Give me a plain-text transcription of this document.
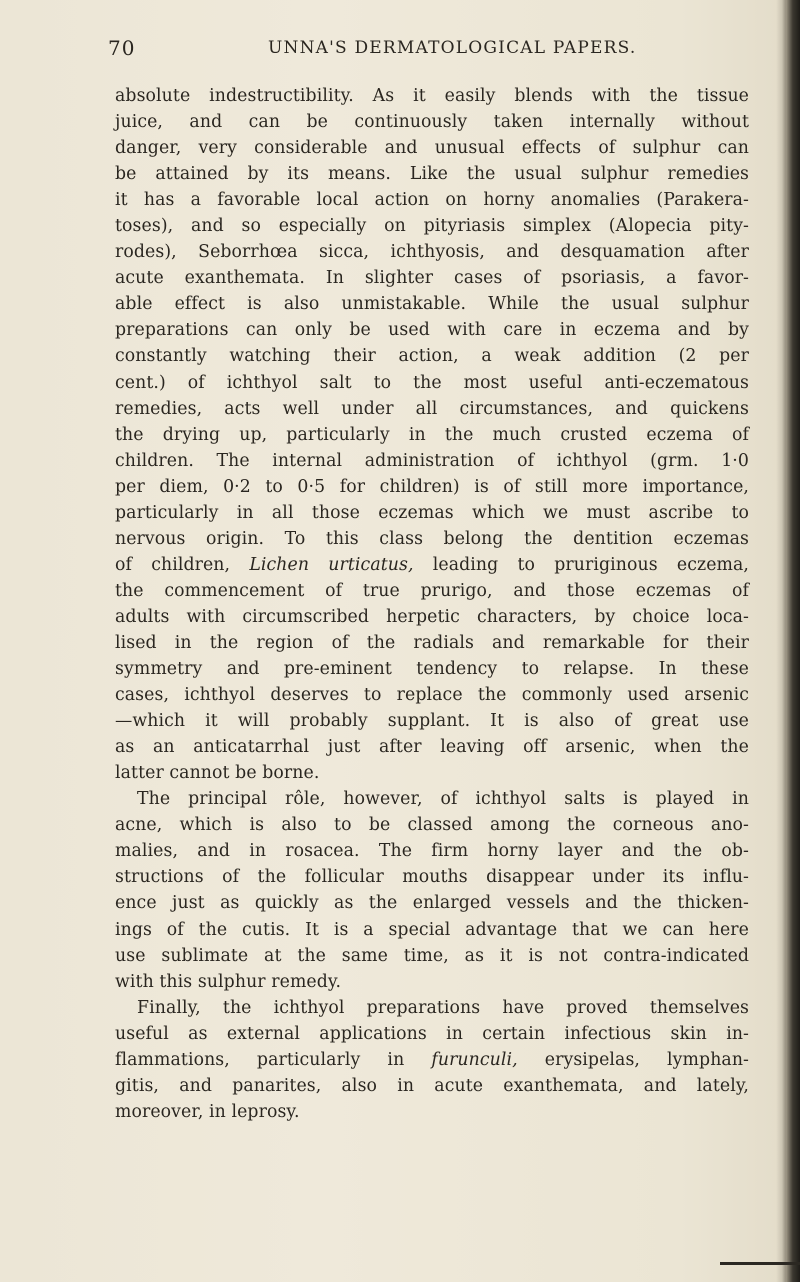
70	UNNA'S DERMATOLOGICAL PAPERS.
absolute indestructibility. As it easily blends with the tissue
juice, and can be continuously taken internally without
danger, very considerable and unusual effects of sulphur can
be attained by its means. Like the usual sulphur remedies
it has a favorable local action on horny anomalies (Parakera-
toses), and so especially on pityriasis simplex (Alopecia pity-
rodes), Seborrhœa sicca, ichthyosis, and desquamation after
acute exanthemata. In slighter cases of psoriasis, a favor-
able effect is also unmistakable. While the usual sulphur
preparations can only be used with care in eczema and by
constantly watching their action, a weak addition (2 per
cent.) of ichthyol salt to the most useful anti-eczematous
remedies, acts well under all circumstances, and quickens
the drying up, particularly in the much crusted eczema of
children. The internal administration of ichthyol (grm. 1·0
per diem, 0·2 to 0·5 for children) is of still more importance,
particularly in all those eczemas which we must ascribe to
nervous origin. To this class belong the dentition eczemas
of children, Lichen urticatus, leading to pruriginous eczema,
the commencement of true prurigo, and those eczemas of
adults with circumscribed herpetic characters, by choice loca-
lised in the region of the radials and remarkable for their
symmetry and pre-eminent tendency to relapse. In these
cases, ichthyol deserves to replace the commonly used arsenic
—which it will probably supplant. It is also of great use
as an anticatarrhal just after leaving off arsenic, when the
latter cannot be borne.
The principal rôle, however, of ichthyol salts is played in
acne, which is also to be classed among the corneous ano-
malies, and in rosacea. The firm horny layer and the ob-
structions of the follicular mouths disappear under its influ-
ence just as quickly as the enlarged vessels and the thicken-
ings of the cutis. It is a special advantage that we can here
use sublimate at the same time, as it is not contra-indicated
with this sulphur remedy.
Finally, the ichthyol preparations have proved themselves
useful as external applications in certain infectious skin in-
flammations, particularly in furunculi, erysipelas, lymphan-
gitis, and panarites, also in acute exanthemata, and lately,
moreover, in leprosy.
